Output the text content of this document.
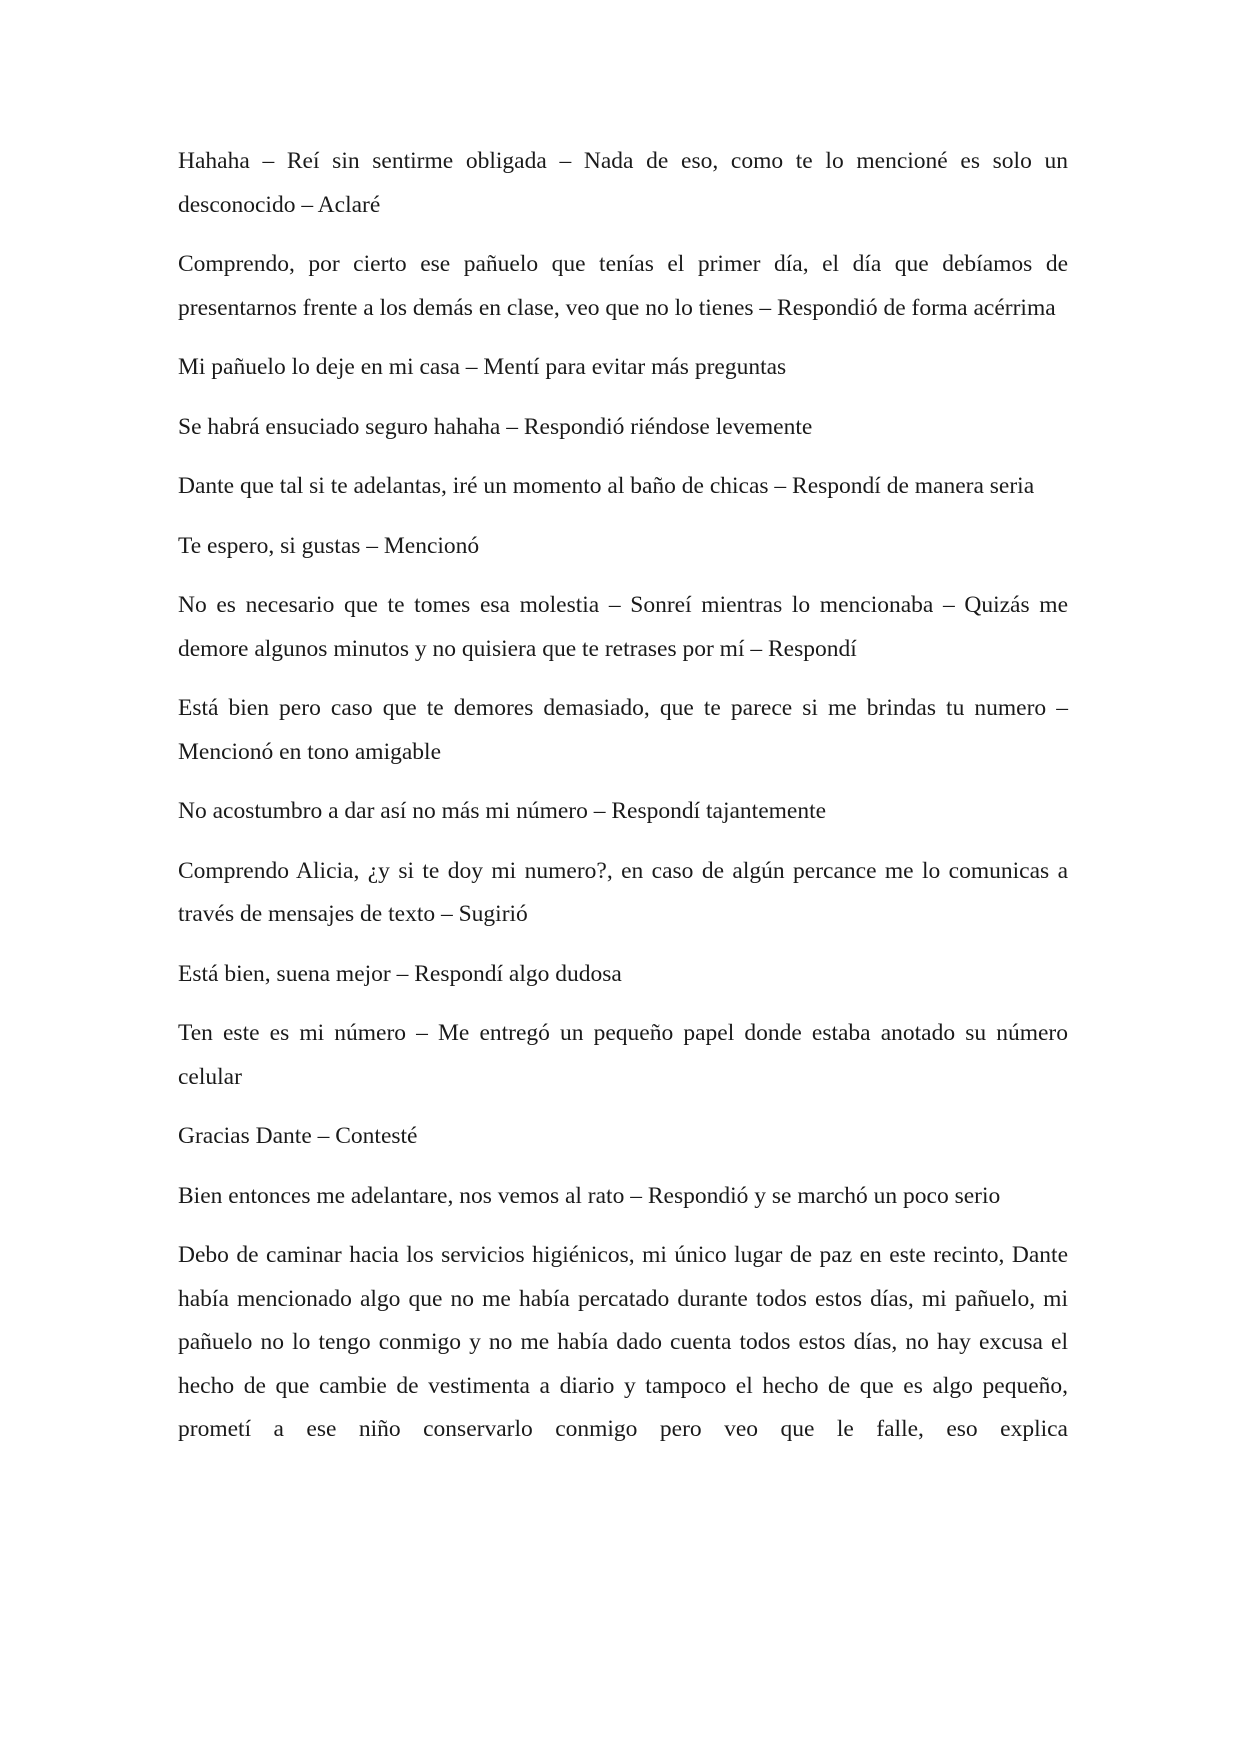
Hahaha – Reí sin sentirme obligada – Nada de eso, como te lo mencioné es solo un desconocido – Aclaré

Comprendo, por cierto ese pañuelo que tenías el primer día, el día que debíamos de presentarnos frente a los demás en clase, veo que no lo tienes – Respondió de forma acérrima

Mi pañuelo lo deje en mi casa – Mentí para evitar más preguntas

Se habrá ensuciado seguro hahaha – Respondió riéndose levemente

Dante que tal si te adelantas, iré un momento al baño de chicas – Respondí de manera seria

Te espero, si gustas – Mencionó

No es necesario que te tomes esa molestia – Sonreí mientras lo mencionaba – Quizás me demore algunos minutos y no quisiera que te retrases por mí – Respondí

Está bien pero caso que te demores demasiado, que te parece si me brindas tu numero – Mencionó en tono amigable

No acostumbro a dar así no más mi número – Respondí tajantemente

Comprendo Alicia, ¿y si te doy mi numero?, en caso de algún percance me lo comunicas a través de mensajes de texto – Sugirió

Está bien, suena mejor – Respondí algo dudosa

Ten este es mi número – Me entregó un pequeño papel donde estaba anotado su número celular

Gracias Dante – Contesté

Bien entonces me adelantare, nos vemos al rato – Respondió y se marchó un poco serio

Debo de caminar hacia los servicios higiénicos, mi único lugar de paz en este recinto, Dante había mencionado algo que no me había percatado durante todos estos días, mi pañuelo, mi pañuelo no lo tengo conmigo y no me había dado cuenta todos estos días, no hay excusa el hecho de que cambie de vestimenta a diario y tampoco el hecho de que es algo pequeño, prometí a ese niño conservarlo conmigo pero veo que le falle, eso explica
